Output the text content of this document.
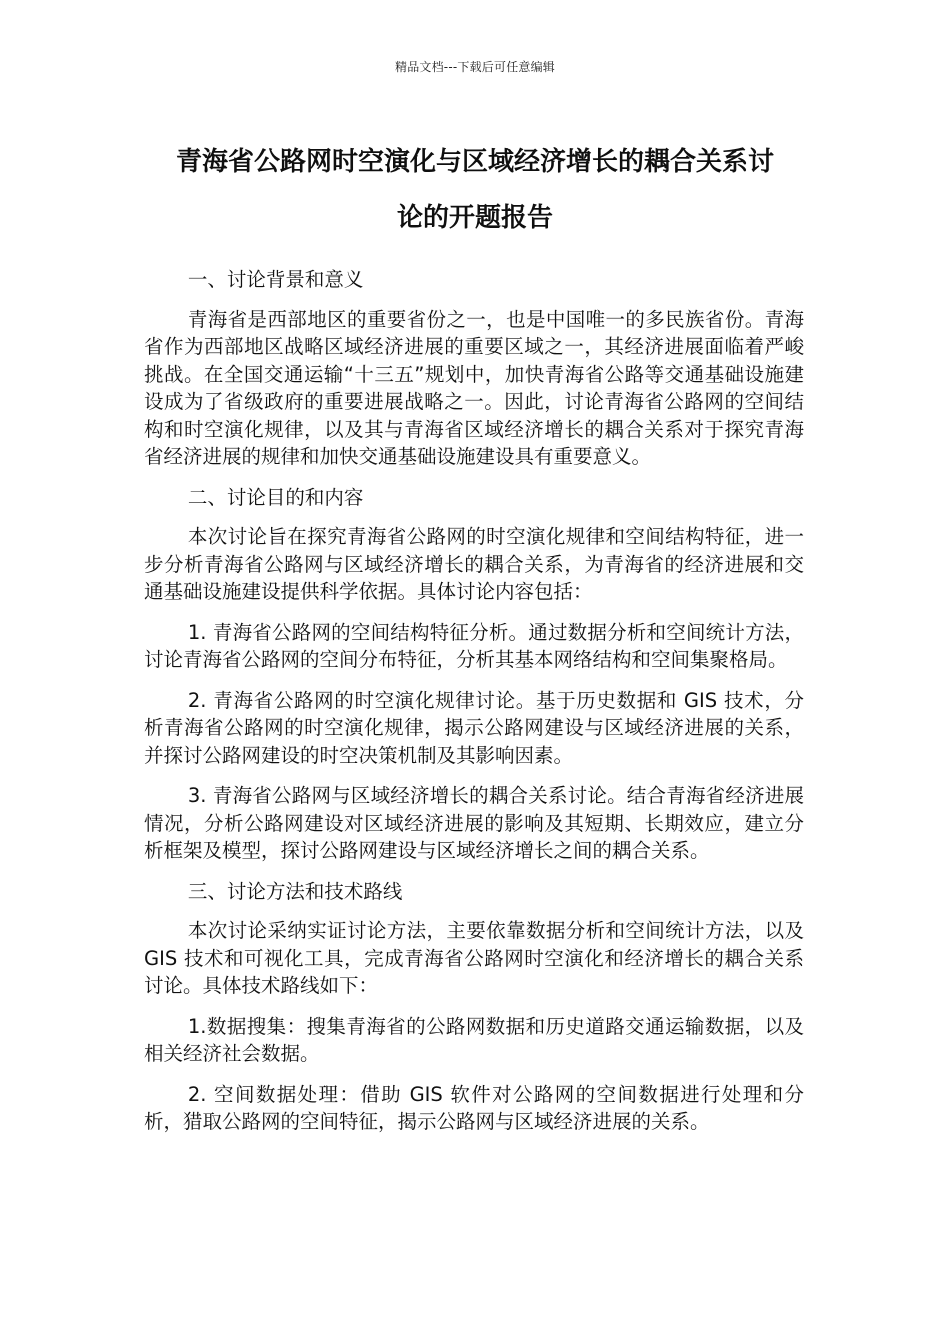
精品文档---下载后可任意编辑
青海省公路网时空演化与区域经济增长的耦合关系讨
论的开题报告

一、讨论背景和意义

青海省是西部地区的重要省份之一，也是中国唯一的多民族省份。青海省作为西部地区战略区域经济进展的重要区域之一，其经济进展面临着严峻挑战。在全国交通运输“十三五”规划中，加快青海省公路等交通基础设施建设成为了省级政府的重要进展战略之一。因此，讨论青海省公路网的空间结构和时空演化规律，以及其与青海省区域经济增长的耦合关系对于探究青海省经济进展的规律和加快交通基础设施建设具有重要意义。

二、讨论目的和内容

本次讨论旨在探究青海省公路网的时空演化规律和空间结构特征，进一步分析青海省公路网与区域经济增长的耦合关系，为青海省的经济进展和交通基础设施建设提供科学依据。具体讨论内容包括：

1. 青海省公路网的空间结构特征分析。通过数据分析和空间统计方法，讨论青海省公路网的空间分布特征，分析其基本网络结构和空间集聚格局。

2. 青海省公路网的时空演化规律讨论。基于历史数据和 GIS 技术，分析青海省公路网的时空演化规律，揭示公路网建设与区域经济进展的关系，并探讨公路网建设的时空决策机制及其影响因素。

3. 青海省公路网与区域经济增长的耦合关系讨论。结合青海省经济进展情况，分析公路网建设对区域经济进展的影响及其短期、长期效应，建立分析框架及模型，探讨公路网建设与区域经济增长之间的耦合关系。

三、讨论方法和技术路线

本次讨论采纳实证讨论方法，主要依靠数据分析和空间统计方法，以及 GIS 技术和可视化工具，完成青海省公路网时空演化和经济增长的耦合关系讨论。具体技术路线如下：

1.数据搜集：搜集青海省的公路网数据和历史道路交通运输数据，以及相关经济社会数据。

2. 空间数据处理：借助 GIS 软件对公路网的空间数据进行处理和分析，猎取公路网的空间特征，揭示公路网与区域经济进展的关系。
